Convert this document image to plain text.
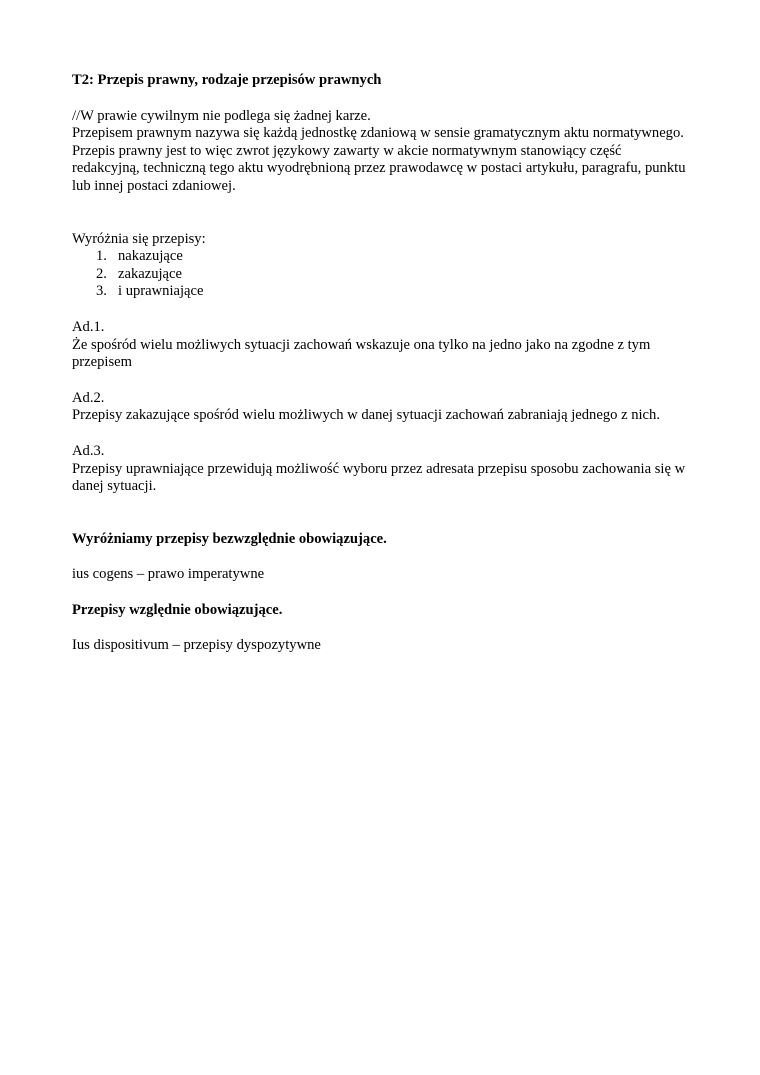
T2: Przepis prawny, rodzaje przepisów prawnych

//W prawie cywilnym nie podlega się żadnej karze.

Przepisem prawnym nazywa się każdą jednostkę zdaniową w sensie gramatycznym aktu normatywnego. Przepis prawny jest to więc zwrot językowy zawarty w akcie normatywnym stanowiący część redakcyjną, techniczną tego aktu wyodrębnioną przez prawodawcę w postaci artykułu, paragrafu, punktu lub innej postaci zdaniowej.

Wyróżnia się przepisy:

1. nakazujące
2. zakazujące
3. i uprawniające

Ad.1.

Że spośród wielu możliwych sytuacji zachowań wskazuje ona tylko na jedno jako na zgodne z tym przepisem

Ad.2.

Przepisy zakazujące spośród wielu możliwych w danej sytuacji zachowań zabraniają jednego z nich.

Ad.3.

Przepisy uprawniające przewidują możliwość wyboru przez adresata przepisu sposobu zachowania się w danej sytuacji.

Wyróżniamy przepisy bezwzględnie obowiązujące.

ius cogens – prawo imperatywne

Przepisy względnie obowiązujące.

Ius dispositivum – przepisy dyspozytywne
